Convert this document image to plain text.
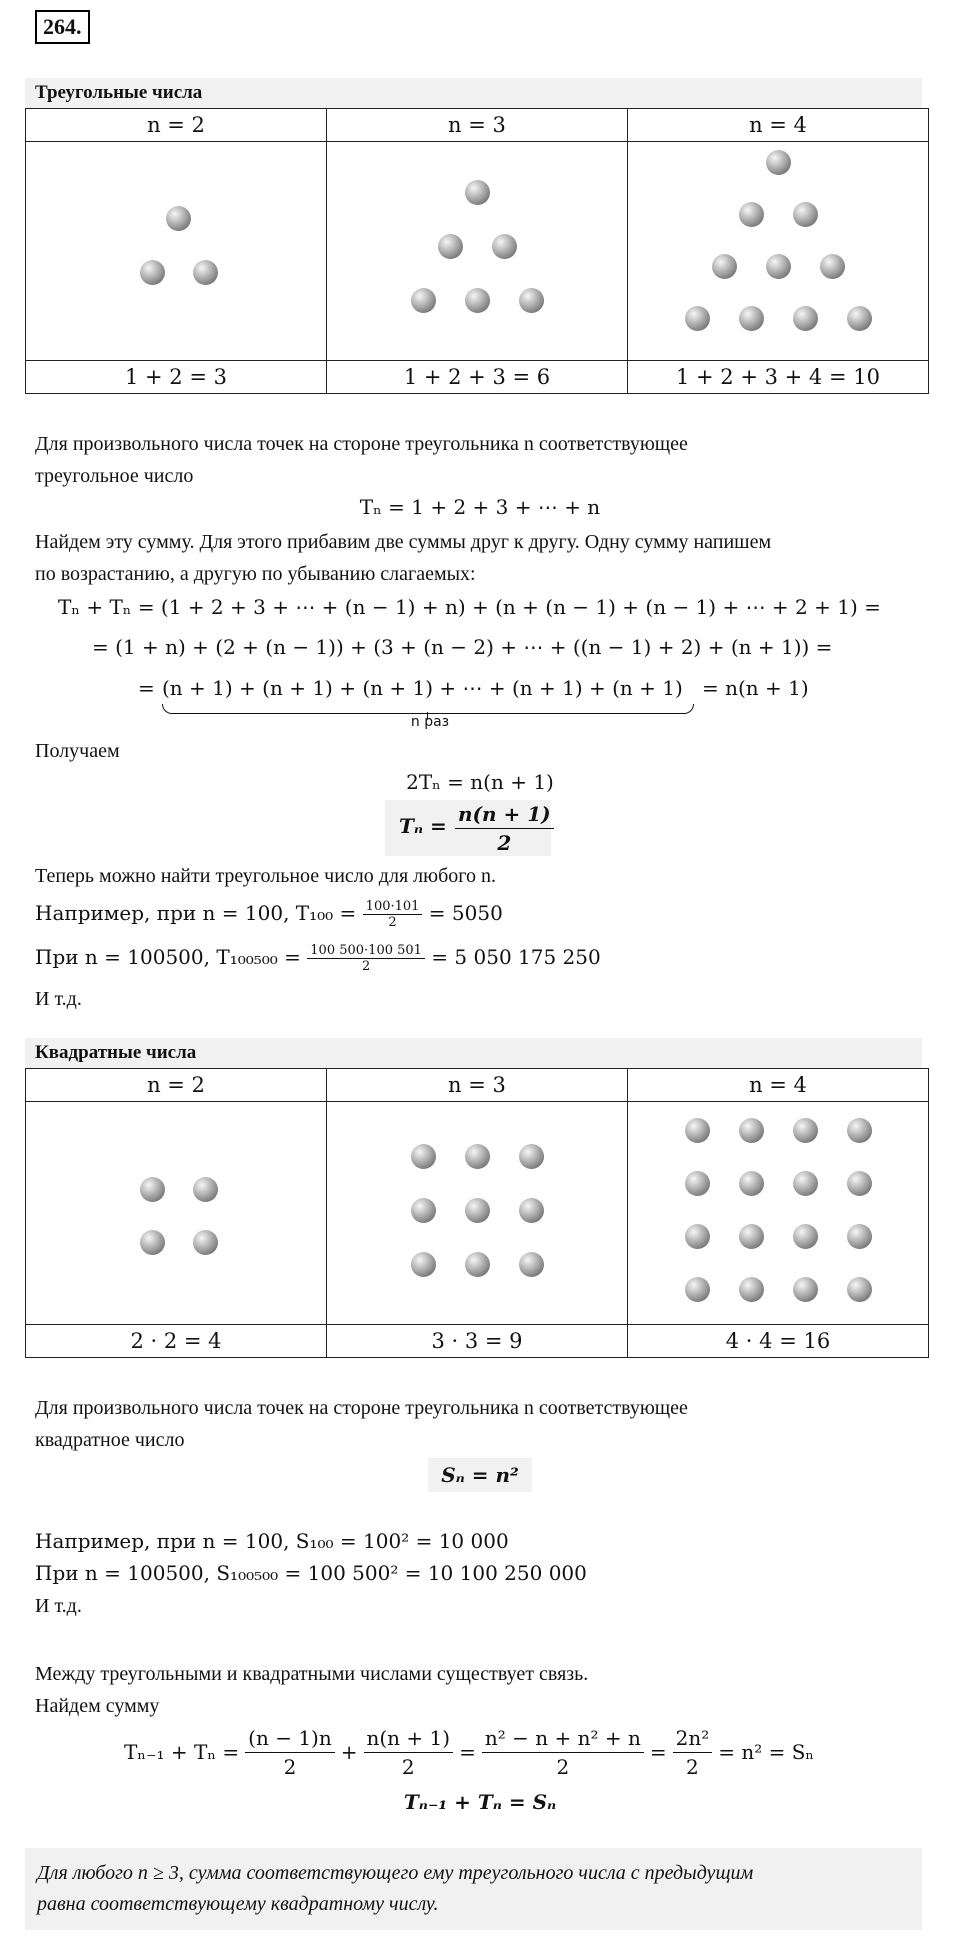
264.
Треугольные числа
n = 2	n = 3	n = 4

1 + 2 = 3	1 + 2 + 3 = 6	1 + 2 + 3 + 4 = 10
Для произвольного числа точек на стороне треугольника n соответствующее
треугольное число
Tₙ = 1 + 2 + 3 + ⋯ + n
Найдем эту сумму. Для этого прибавим две суммы друг к другу. Одну сумму напишем
по возрастанию, а другую по убыванию слагаемых:
Tₙ + Tₙ = (1 + 2 + 3 + ⋯ + (n − 1) + n) + (n + (n − 1) + (n − 1) + ⋯ + 2 + 1) =
= (1 + n) + (2 + (n − 1)) + (3 + (n − 2) + ⋯ + ((n − 1) + 2) + (n + 1)) =
= (n + 1) + (n + 1) + (n + 1) + ⋯ + (n + 1) + (n + 1) = n(n + 1)
n раз
Получаем
2Tₙ = n(n + 1)
$T_n = \frac{n(n + 1)}{2}$
Теперь можно найти треугольное число для любого n.
Например, при n = 100, $T_{100} = \frac{100\cdot 101}{2} = 5050$
При n = 100500, $T_{100500} = \frac{100 500\cdot 100 501}{2} = 5$ 050 175 250
И т.д.
Квадратные числа
n = 2	n = 3	n = 4

2 · 2 = 4	3 · 3 = 9	4 · 4 = 16
Для произвольного числа точек на стороне треугольника n соответствующее
квадратное число
Sₙ = n²
Например, при n = 100, S₁₀₀ = 100² = 10 000
При n = 100500, S₁₀₀₅₀₀ = 100 500² = 10 100 250 000
И т.д.
Между треугольными и квадратными числами существует связь.
Найдем сумму
$T_{n-1} + T_n = \frac{(n - 1)n}{2} + \frac{n(n + 1)}{2} = \frac{\text{n² − n + n² + n}}{2} = \frac{\text{2n²}}{2} = n^2 = S_n$
Tₙ₋₁ + Tₙ = Sₙ
Для любого n ≥ 3, сумма соответствующего ему треугольного числа с предыдущим
равна соответствующему квадратному числу.
